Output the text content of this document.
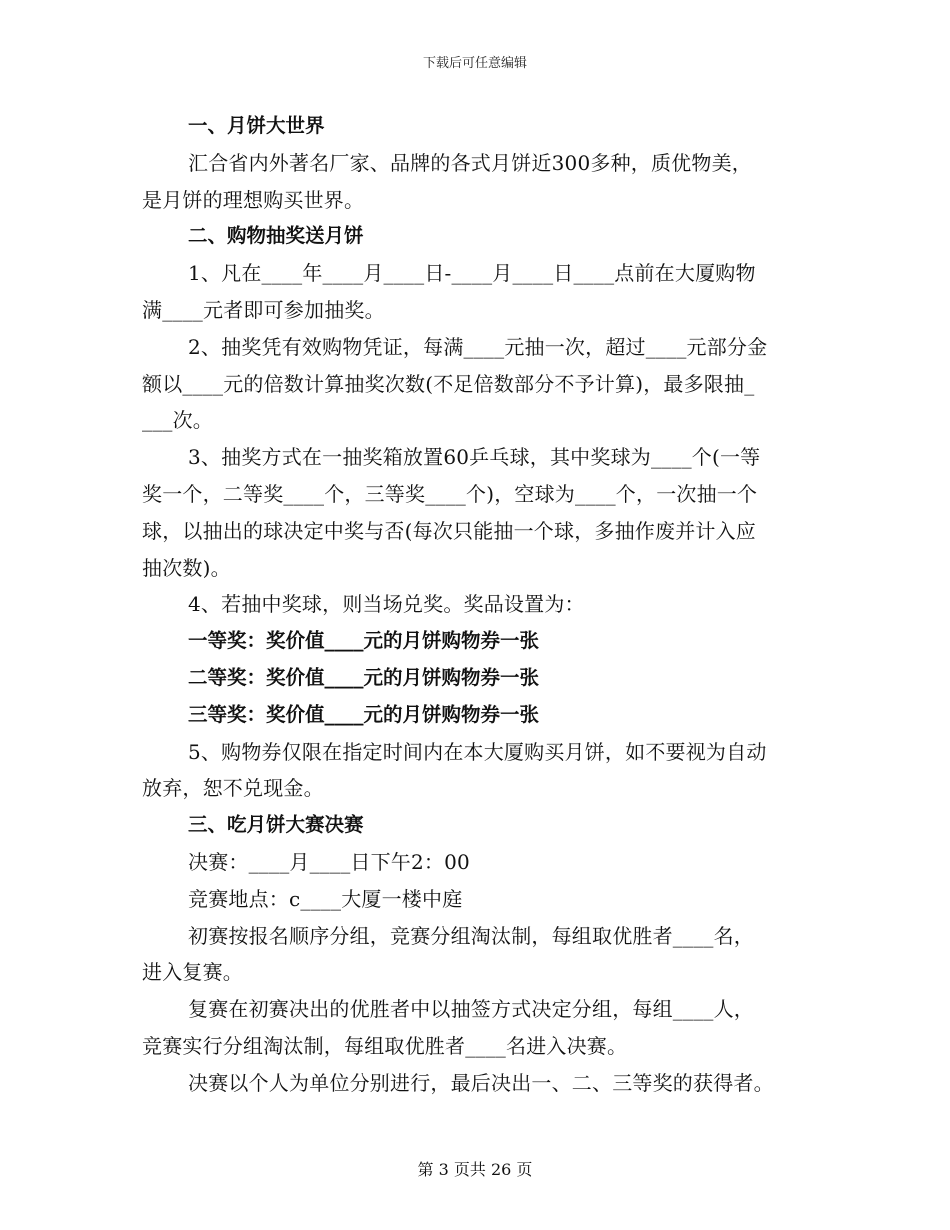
下载后可任意编辑
一、月饼大世界
汇合省内外著名厂家、品牌的各式月饼近300多种，质优物美，
是月饼的理想购买世界。
二、购物抽奖送月饼
1、凡在____年____月____日-____月____日____点前在大厦购物
满____元者即可参加抽奖。
2、抽奖凭有效购物凭证，每满____元抽一次，超过____元部分金
额以____元的倍数计算抽奖次数(不足倍数部分不予计算)，最多限抽_
___次。
3、抽奖方式在一抽奖箱放置60乒乓球，其中奖球为____个(一等
奖一个，二等奖____个，三等奖____个)，空球为____个，一次抽一个
球，以抽出的球决定中奖与否(每次只能抽一个球，多抽作废并计入应
抽次数)。
4、若抽中奖球，则当场兑奖。奖品设置为：
一等奖：奖价值____元的月饼购物券一张
二等奖：奖价值____元的月饼购物券一张
三等奖：奖价值____元的月饼购物券一张
5、购物券仅限在指定时间内在本大厦购买月饼，如不要视为自动
放弃，恕不兑现金。
三、吃月饼大赛决赛
决赛：____月____日下午2：00
竞赛地点：c____大厦一楼中庭
初赛按报名顺序分组，竞赛分组淘汰制，每组取优胜者____名，
进入复赛。
复赛在初赛决出的优胜者中以抽签方式决定分组，每组____人，
竞赛实行分组淘汰制，每组取优胜者____名进入决赛。
决赛以个人为单位分别进行，最后决出一、二、三等奖的获得者。
第 3 页共 26 页
